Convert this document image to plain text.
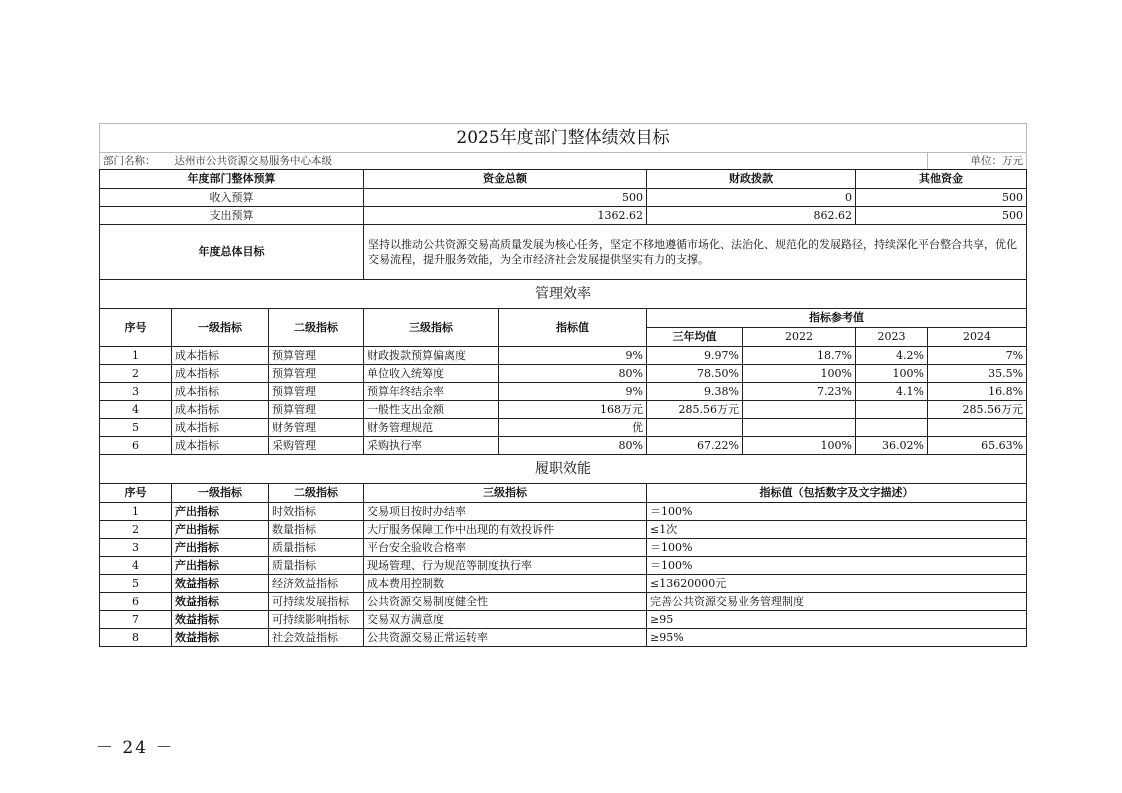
2025年度部门整体绩效目标								
部门名称：	达州市公共资源交易服务中心本级							单位：万元
年度部门整体预算			资金总额		财政拨款		其他资金	
收入预算			500		0		500	
支出预算			1362.62		862.62		500	
年度总体目标			坚持以推动公共资源交易高质量发展为核心任务，坚定不移地遵循市场化、法治化、规范化的发展路径，持续深化平台整合共享，优化交易流程，提升服务效能，为全市经济社会发展提供坚实有力的支撑。					
管理效率								
序号	一级指标	二级指标	三级指标	指标值	指标参考值			
					三年均值	2022	2023	2024
1	成本指标	预算管理	财政拨款预算偏离度	9%	9.97%	18.7%	4.2%	7%
2	成本指标	预算管理	单位收入统筹度	80%	78.50%	100%	100%	35.5%
3	成本指标	预算管理	预算年终结余率	9%	9.38%	7.23%	4.1%	16.8%
4	成本指标	预算管理	一般性支出金额	168万元	285.56万元			285.56万元
5	成本指标	财务管理	财务管理规范	优				
6	成本指标	采购管理	采购执行率	80%	67.22%	100%	36.02%	65.63%
履职效能								
序号	一级指标	二级指标	三级指标		指标值（包括数字及文字描述）			
1	产出指标	时效指标	交易项目按时办结率		＝100%			
2	产出指标	数量指标	大厅服务保障工作中出现的有效投诉件		≤1次			
3	产出指标	质量指标	平台安全验收合格率		＝100%			
4	产出指标	质量指标	现场管理、行为规范等制度执行率		＝100%			
5	效益指标	经济效益指标	成本费用控制数		≤13620000元			
6	效益指标	可持续发展指标	公共资源交易制度健全性		完善公共资源交易业务管理制度			
7	效益指标	可持续影响指标	交易双方满意度		≥95			
8	效益指标	社会效益指标	公共资源交易正常运转率		≥95%			
－ 24 －
